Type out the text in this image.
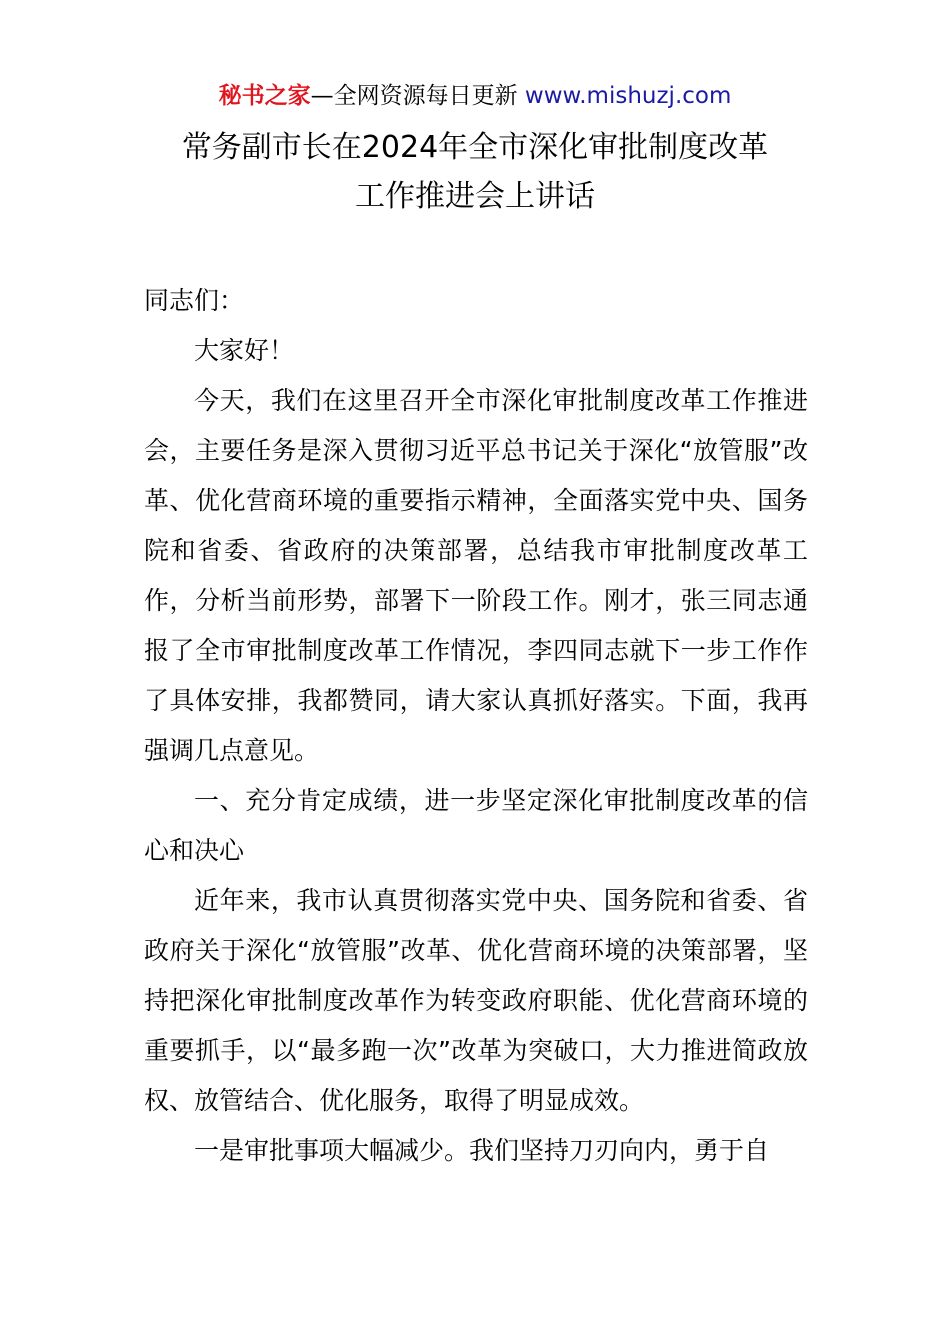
秘书之家—全网资源每日更新 www.mishuzj.com
常务副市长在2024年全市深化审批制度改革
工作推进会上讲话

同志们：

大家好！

今天，我们在这里召开全市深化审批制度改革工作推进会，主要任务是深入贯彻习近平总书记关于深化“放管服”改革、优化营商环境的重要指示精神，全面落实党中央、国务院和省委、省政府的决策部署，总结我市审批制度改革工作，分析当前形势，部署下一阶段工作。刚才，张三同志通报了全市审批制度改革工作情况，李四同志就下一步工作作了具体安排，我都赞同，请大家认真抓好落实。下面，我再强调几点意见。

一、充分肯定成绩，进一步坚定深化审批制度改革的信心和决心

近年来，我市认真贯彻落实党中央、国务院和省委、省政府关于深化“放管服”改革、优化营商环境的决策部署，坚持把深化审批制度改革作为转变政府职能、优化营商环境的重要抓手，以“最多跑一次”改革为突破口，大力推进简政放权、放管结合、优化服务，取得了明显成效。

一是审批事项大幅减少。我们坚持刀刃向内，勇于自
